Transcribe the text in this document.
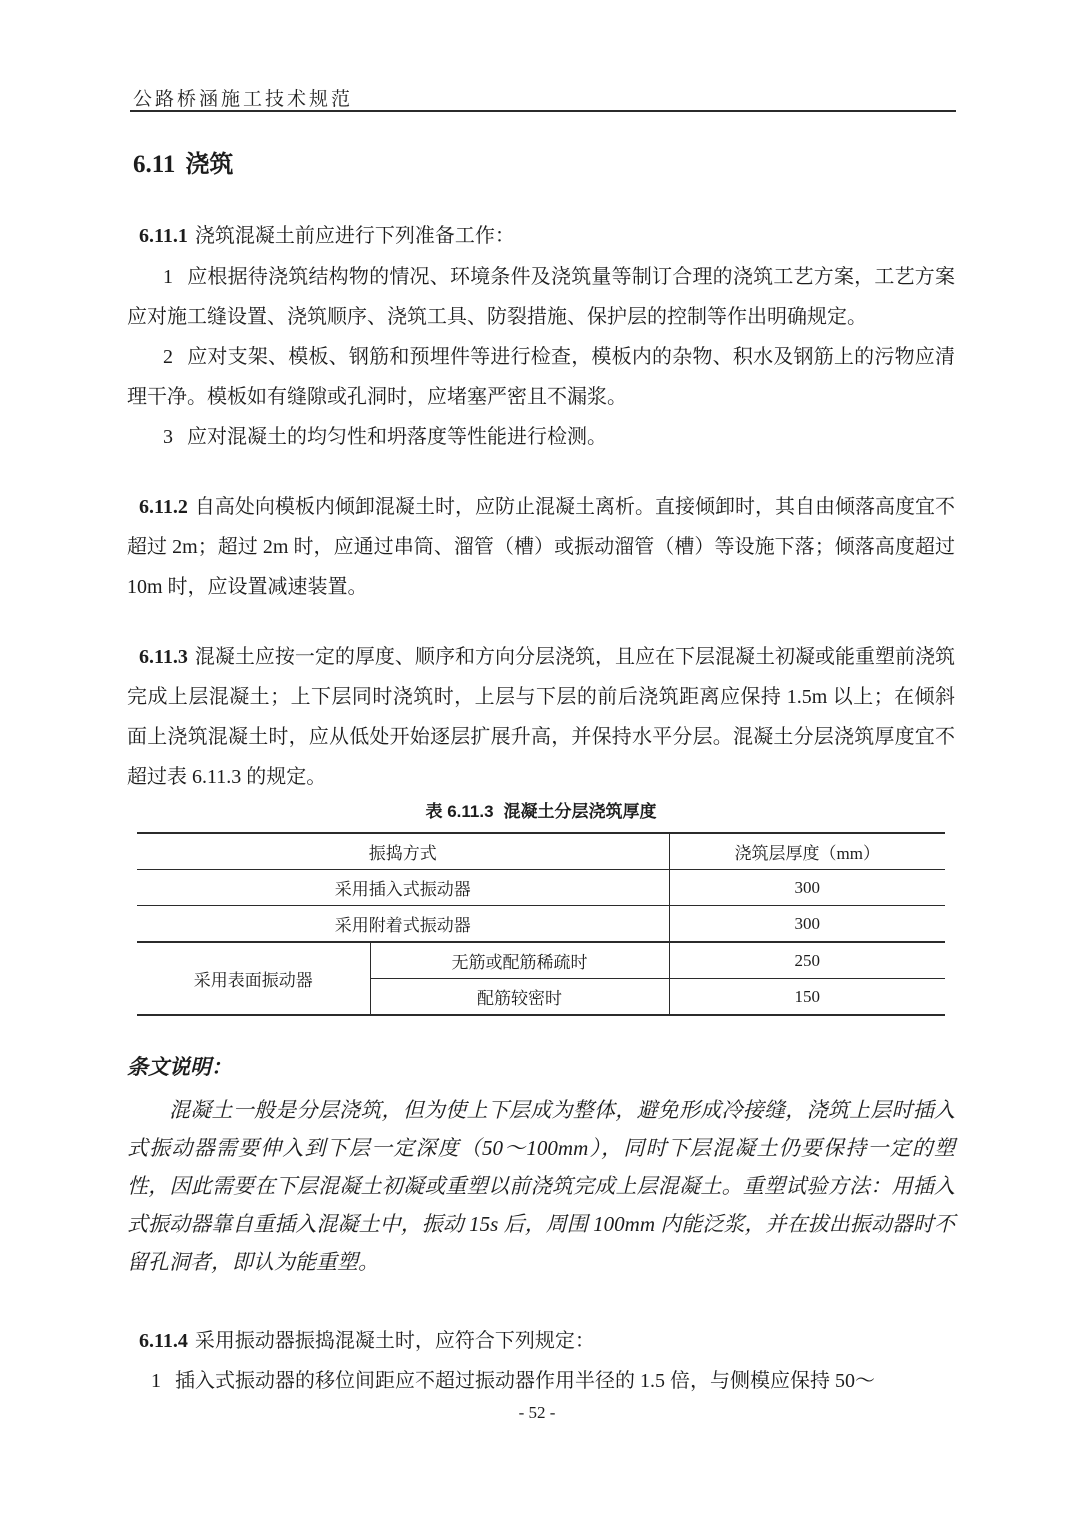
公路桥涵施工技术规范
6.11 浇筑

6.11.1 浇筑混凝土前应进行下列准备工作：

1 应根据待浇筑结构物的情况、环境条件及浇筑量等制订合理的浇筑工艺方案，工艺方案应对施工缝设置、浇筑顺序、浇筑工具、防裂措施、保护层的控制等作出明确规定。

2 应对支架、模板、钢筋和预埋件等进行检查，模板内的杂物、积水及钢筋上的污物应清理干净。模板如有缝隙或孔洞时，应堵塞严密且不漏浆。

3 应对混凝土的均匀性和坍落度等性能进行检测。

6.11.2 自高处向模板内倾卸混凝土时，应防止混凝土离析。直接倾卸时，其自由倾落高度宜不超过 2m；超过 2m 时，应通过串筒、溜管（槽）或振动溜管（槽）等设施下落；倾落高度超过 10m 时，应设置减速装置。

6.11.3 混凝土应按一定的厚度、顺序和方向分层浇筑，且应在下层混凝土初凝或能重塑前浇筑完成上层混凝土；上下层同时浇筑时，上层与下层的前后浇筑距离应保持 1.5m 以上；在倾斜面上浇筑混凝土时，应从低处开始逐层扩展升高，并保持水平分层。混凝土分层浇筑厚度宜不超过表 6.11.3 的规定。

表 6.11.3 混凝土分层浇筑厚度
振捣方式		浇筑层厚度（mm）
采用插入式振动器		300
采用附着式振动器		300
采用表面振动器	无筋或配筋稀疏时	250
	配筋较密时	150
条文说明：

混凝土一般是分层浇筑，但为使上下层成为整体，避免形成冷接缝，浇筑上层时插入式振动器需要伸入到下层一定深度（50～100mm），同时下层混凝土仍要保持一定的塑性，因此需要在下层混凝土初凝或重塑以前浇筑完成上层混凝土。重塑试验方法：用插入式振动器靠自重插入混凝土中，振动 15s 后，周围 100mm 内能泛浆，并在拔出振动器时不留孔洞者，即认为能重塑。

6.11.4 采用振动器振捣混凝土时，应符合下列规定：

1 插入式振动器的移位间距应不超过振动器作用半径的 1.5 倍，与侧模应保持 50～

- 52 -
